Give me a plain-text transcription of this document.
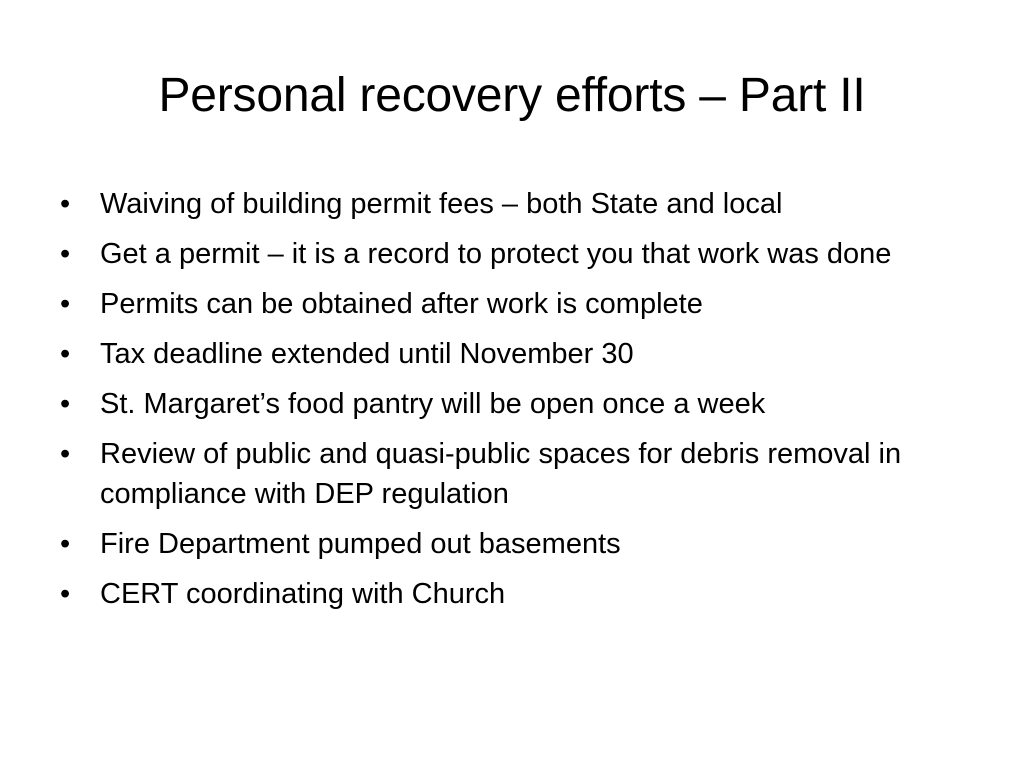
Personal recovery efforts – Part II
•	Waiving of building permit fees – both State and local
•	Get a permit – it is a record to protect you that work was done
•	Permits can be obtained after work is complete
•	Tax deadline extended until November 30
•	St. Margaret’s food pantry will be open once a week
•	Review of public and quasi-public spaces for debris removal in compliance with DEP regulation
•	Fire Department pumped out basements
•	CERT coordinating with Church
